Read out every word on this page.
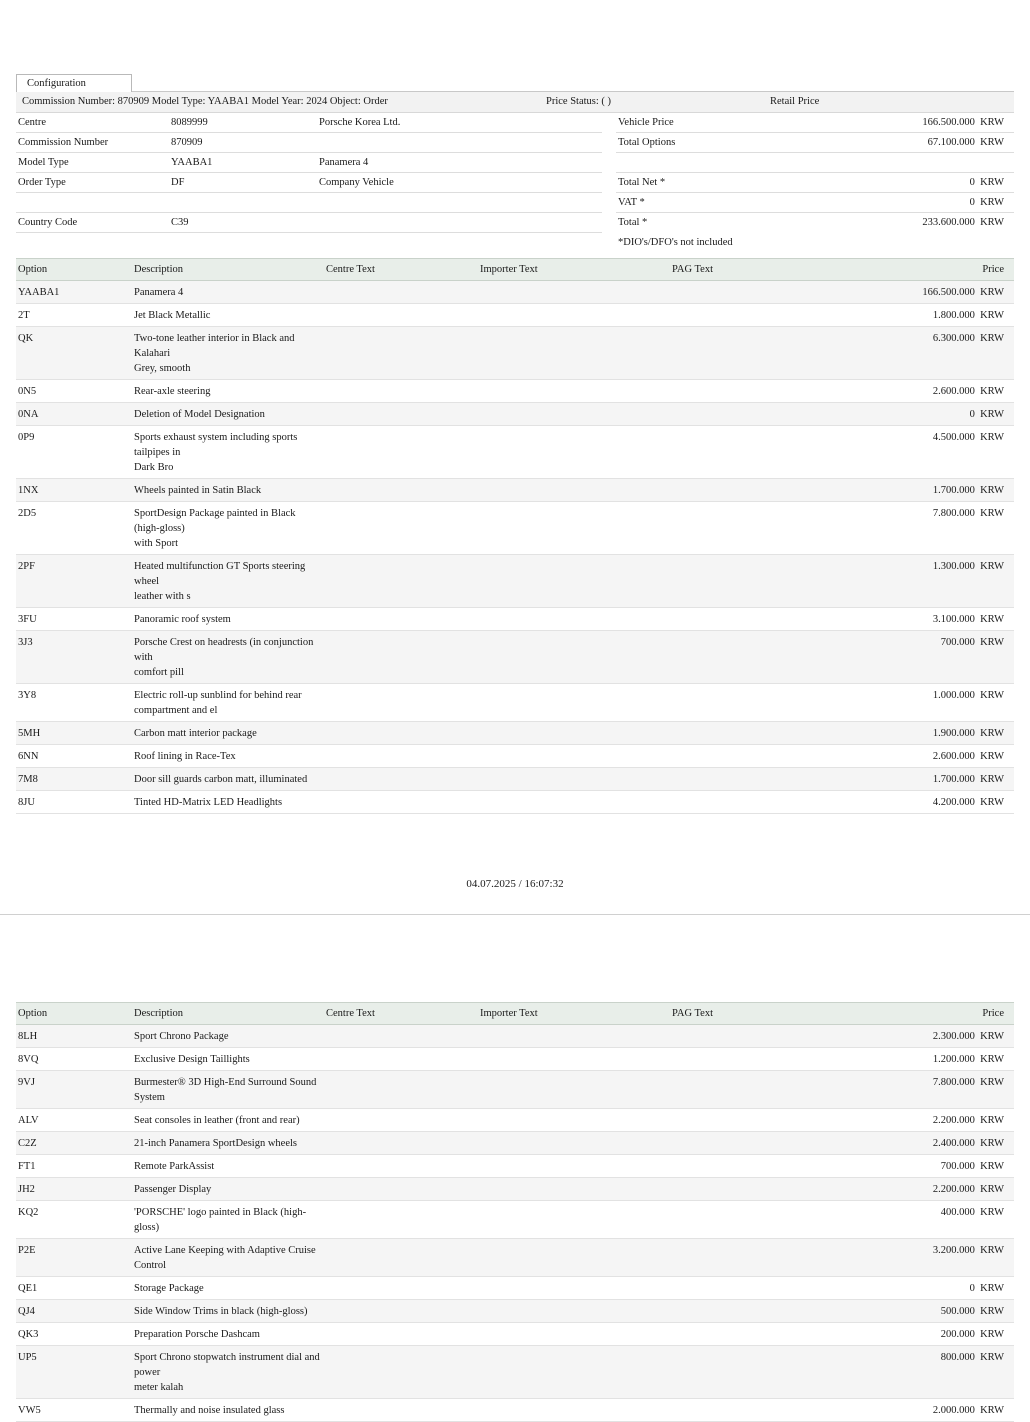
Configuration
Commission Number: 870909 Model Type: YAABA1 Model Year: 2024 Object: Order	Price Status: ( )	Retail Price
Centre	8089999	Porsche Korea Ltd.
Commission Number	870909
Model Type	YAABA1	Panamera 4
Order Type	DF	Company Vehicle
Country Code	C39
Vehicle Price	166.500.000  KRW
Total Options	67.100.000  KRW
Total Net *	0  KRW
VAT *	0  KRW
Total *	233.600.000  KRW
*DIO's/DFO's not included
Option	Description	Centre Text	Importer Text	PAG Text	Price
YAABA1	Panamera 4				166.500.000  KRW
2T	Jet Black Metallic				1.800.000  KRW
QK	Two-tone leather interior in Black and Kalahari
Grey, smooth				6.300.000  KRW
0N5	Rear-axle steering				2.600.000  KRW
0NA	Deletion of Model Designation				0  KRW
0P9	Sports exhaust system including sports tailpipes in
Dark Bro				4.500.000  KRW
1NX	Wheels painted in Satin Black				1.700.000  KRW
2D5	SportDesign Package painted in Black (high-gloss)
with Sport				7.800.000  KRW
2PF	Heated multifunction GT Sports steering wheel
leather with s				1.300.000  KRW
3FU	Panoramic roof system				3.100.000  KRW
3J3	Porsche Crest on headrests (in conjunction with
comfort pill				700.000  KRW
3Y8	Electric roll-up sunblind for behind rear
compartment and el				1.000.000  KRW
5MH	Carbon matt interior package				1.900.000  KRW
6NN	Roof lining in Race-Tex				2.600.000  KRW
7M8	Door sill guards carbon matt, illuminated				1.700.000  KRW
8JU	Tinted HD-Matrix LED Headlights				4.200.000  KRW
04.07.2025 / 16:07:32
Option	Description	Centre Text	Importer Text	PAG Text	Price
8LH	Sport Chrono Package				2.300.000  KRW
8VQ	Exclusive Design Taillights				1.200.000  KRW
9VJ	Burmester® 3D High-End Surround Sound System				7.800.000  KRW
ALV	Seat consoles in leather (front and rear)				2.200.000  KRW
C2Z	21-inch Panamera SportDesign wheels				2.400.000  KRW
FT1	Remote ParkAssist				700.000  KRW
JH2	Passenger Display				2.200.000  KRW
KQ2	'PORSCHE' logo painted in Black (high-gloss)				400.000  KRW
P2E	Active Lane Keeping with Adaptive Cruise Control				3.200.000  KRW
QE1	Storage Package				0  KRW
QJ4	Side Window Trims in black (high-gloss)				500.000  KRW
QK3	Preparation Porsche Dashcam				200.000  KRW
UP5	Sport Chrono stopwatch instrument dial and power
meter kalah				800.000  KRW
VW5	Thermally and noise insulated glass				2.000.000  KRW
